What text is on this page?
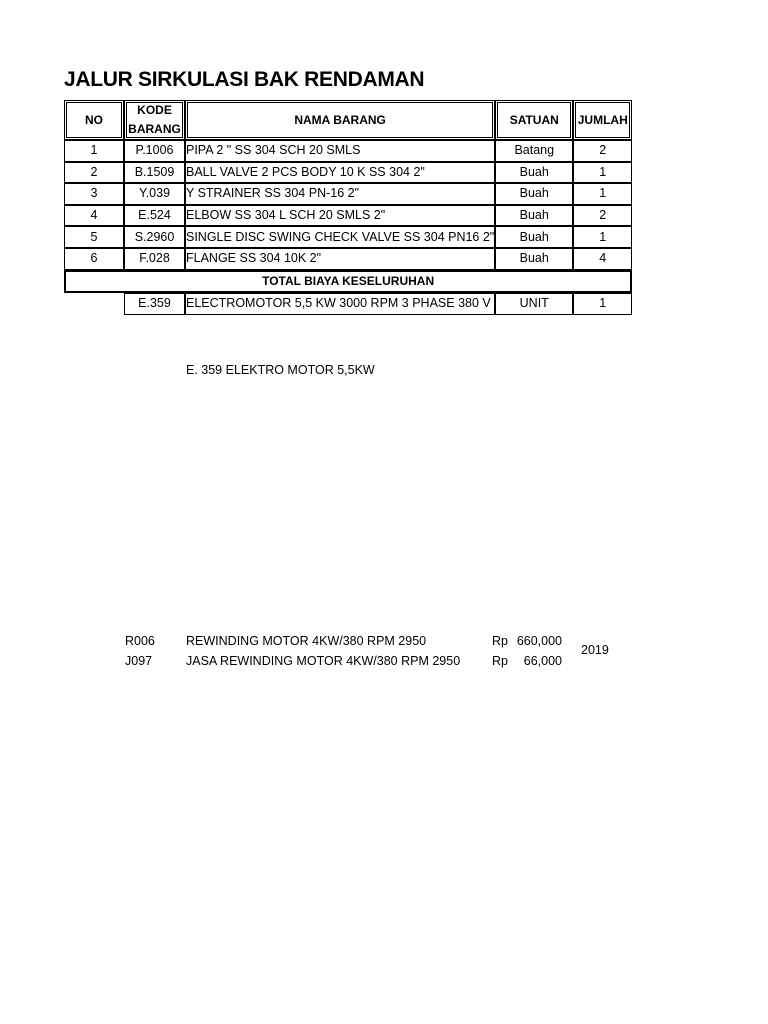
JALUR SIRKULASI BAK RENDAMAN
NO	KODE BARANG	NAMA BARANG	SATUAN	JUMLAH
1	P.1006	PIPA 2 " SS 304 SCH 20 SMLS	Batang	2
2	B.1509	BALL VALVE 2 PCS BODY 10 K SS 304 2"	Buah	1
3	Y.039	Y STRAINER SS 304 PN-16 2"	Buah	1
4	E.524	ELBOW SS 304 L SCH 20 SMLS 2"	Buah	2
5	S.2960	SINGLE DISC SWING CHECK VALVE SS 304 PN16 2"	Buah	1
6	F.028	FLANGE SS 304 10K 2"	Buah	4
TOTAL BIAYA KESELURUHAN				
	E.359	ELECTROMOTOR 5,5 KW 3000 RPM 3 PHASE 380 V	UNIT	1
E. 359 ELEKTRO MOTOR 5,5KW
R006 REWINDING MOTOR 4KW/380 RPM 2950	Rp 660,000
J097	JASA REWINDING MOTOR 4KW/380 RPM 2950	Rp	66,000
2019
